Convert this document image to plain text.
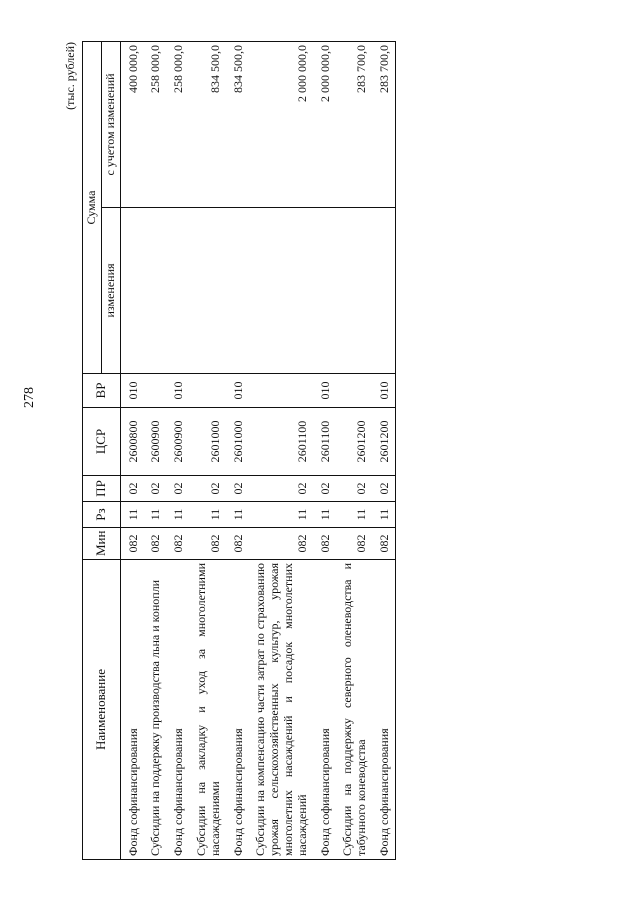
278
(тыс. рублей)
Наименование	Мин	Рз	ПР	ЦСР	ВР	Сумма	
						изменения	с учетом изменений
Фонд софинансирования	082	11	02	2600800	010		400 000,0
Субсидии на поддержку производства льна и конопли	082	11	02	2600900			258 000,0
Фонд софинансирования	082	11	02	2600900	010		258 000,0
Субсидии на закладку и уход за многолетними насаждениями	082	11	02	2601000			834 500,0
Фонд софинансирования	082	11	02	2601000	010		834 500,0
Субсидии на компенсацию части затрат по страхованию урожая сельскохозяйственных культур, урожая многолетних насаждений и посадок многолетних насаждений	082	11	02	2601100			2 000 000,0
Фонд софинансирования	082	11	02	2601100	010		2 000 000,0
Субсидии на поддержку северного оленеводства и табунного коневодства	082	11	02	2601200			283 700,0
Фонд софинансирования	082	11	02	2601200	010		283 700,0
